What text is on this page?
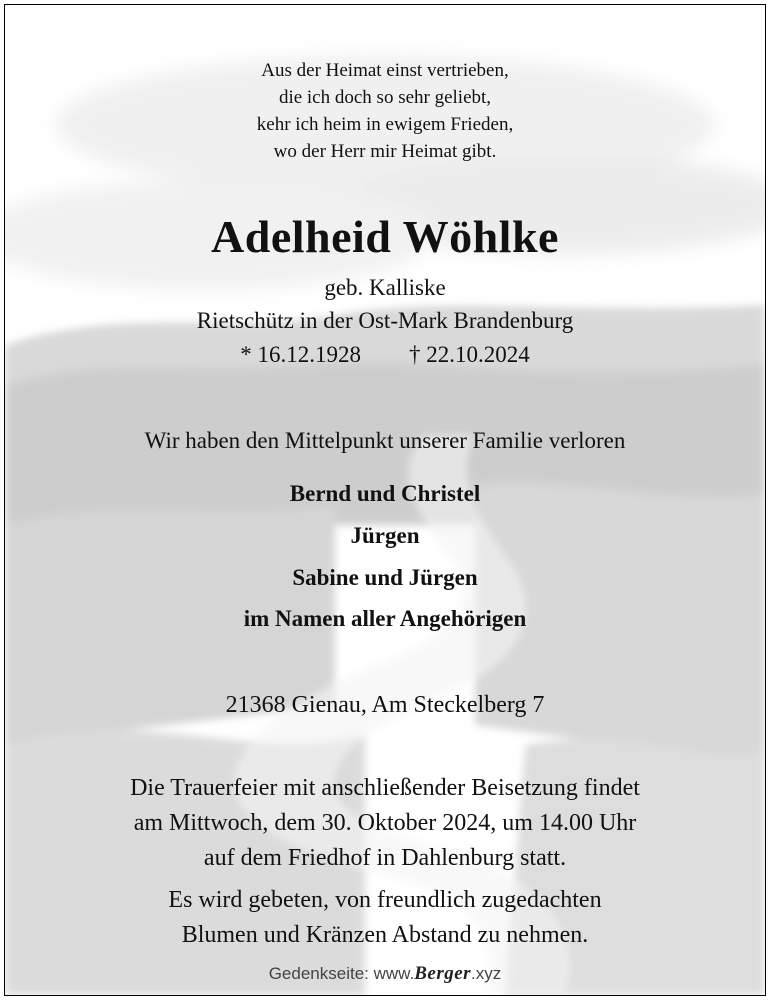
Aus der Heimat einst vertrieben,
die ich doch so sehr geliebt,
kehr ich heim in ewigem Frieden,
wo der Herr mir Heimat gibt.
Adelheid Wöhlke
geb. Kalliske
Rietschütz in der Ost-Mark Brandenburg
* 16.12.1928 † 22.10.2024
Wir haben den Mittelpunkt unserer Familie verloren
Bernd und Christel
Jürgen
Sabine und Jürgen
im Namen aller Angehörigen
21368 Gienau, Am Steckelberg 7
Die Trauerfeier mit anschließender Beisetzung findet
am Mittwoch, dem 30. Oktober 2024, um 14.00 Uhr
auf dem Friedhof in Dahlenburg statt.
Es wird gebeten, von freundlich zugedachten
Blumen und Kränzen Abstand zu nehmen.
Gedenkseite: www.Berger.xyz
